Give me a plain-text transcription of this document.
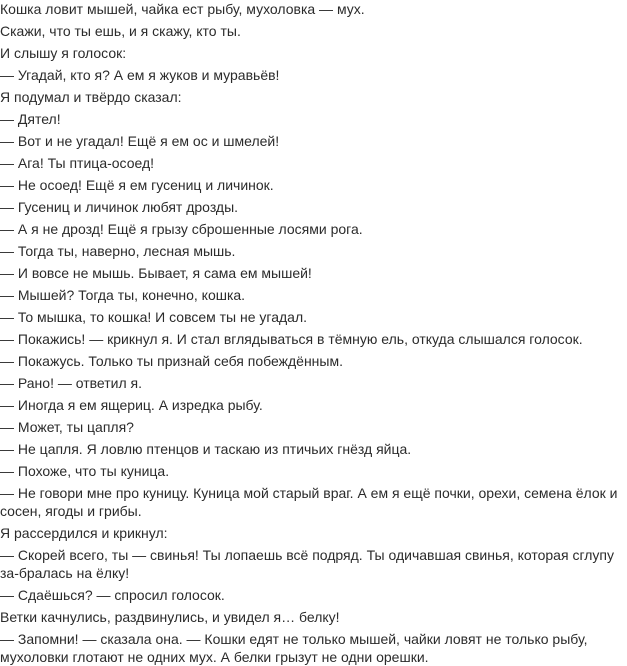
Кошка ловит мышей, чайка ест рыбу, мухоловка — мух.

Скажи, что ты ешь, и я скажу, кто ты.

И слышу я голосок:

— Угадай, кто я? А ем я жуков и муравьёв!

Я подумал и твёрдо сказал:

— Дятел!

— Вот и не угадал! Ещё я ем ос и шмелей!

— Ага! Ты птица-осоед!

— Не осоед! Ещё я ем гусениц и личинок.

— Гусениц и личинок любят дрозды.

— А я не дрозд! Ещё я грызу сброшенные лосями рога.

— Тогда ты, наверно, лесная мышь.

— И вовсе не мышь. Бывает, я сама ем мышей!

— Мышей? Тогда ты, конечно, кошка.

— То мышка, то кошка! И совсем ты не угадал.

— Покажись! — крикнул я. И стал вглядываться в тёмную ель, откуда слышался голосок.

— Покажусь. Только ты признай себя побеждённым.

— Рано! — ответил я.

— Иногда я ем ящериц. А изредка рыбу.

— Может, ты цапля?

— Не цапля. Я ловлю птенцов и таскаю из птичьих гнёзд яйца.

— Похоже, что ты куница.

— Не говори мне про куницу. Куница мой старый враг. А ем я ещё почки, орехи, семена ёлок и сосен, ягоды и грибы.

Я рассердился и крикнул:

— Скорей всего, ты — свинья! Ты лопаешь всё подряд. Ты одичавшая свинья, которая сглупу за-бралась на ёлку!

— Сдаёшься? — спросил голосок.

Ветки качнулись, раздвинулись, и увидел я… белку!

— Запомни! — сказала она. — Кошки едят не только мышей, чайки ловят не только рыбу, мухоловки глотают не одних мух. А белки грызут не одни орешки.
